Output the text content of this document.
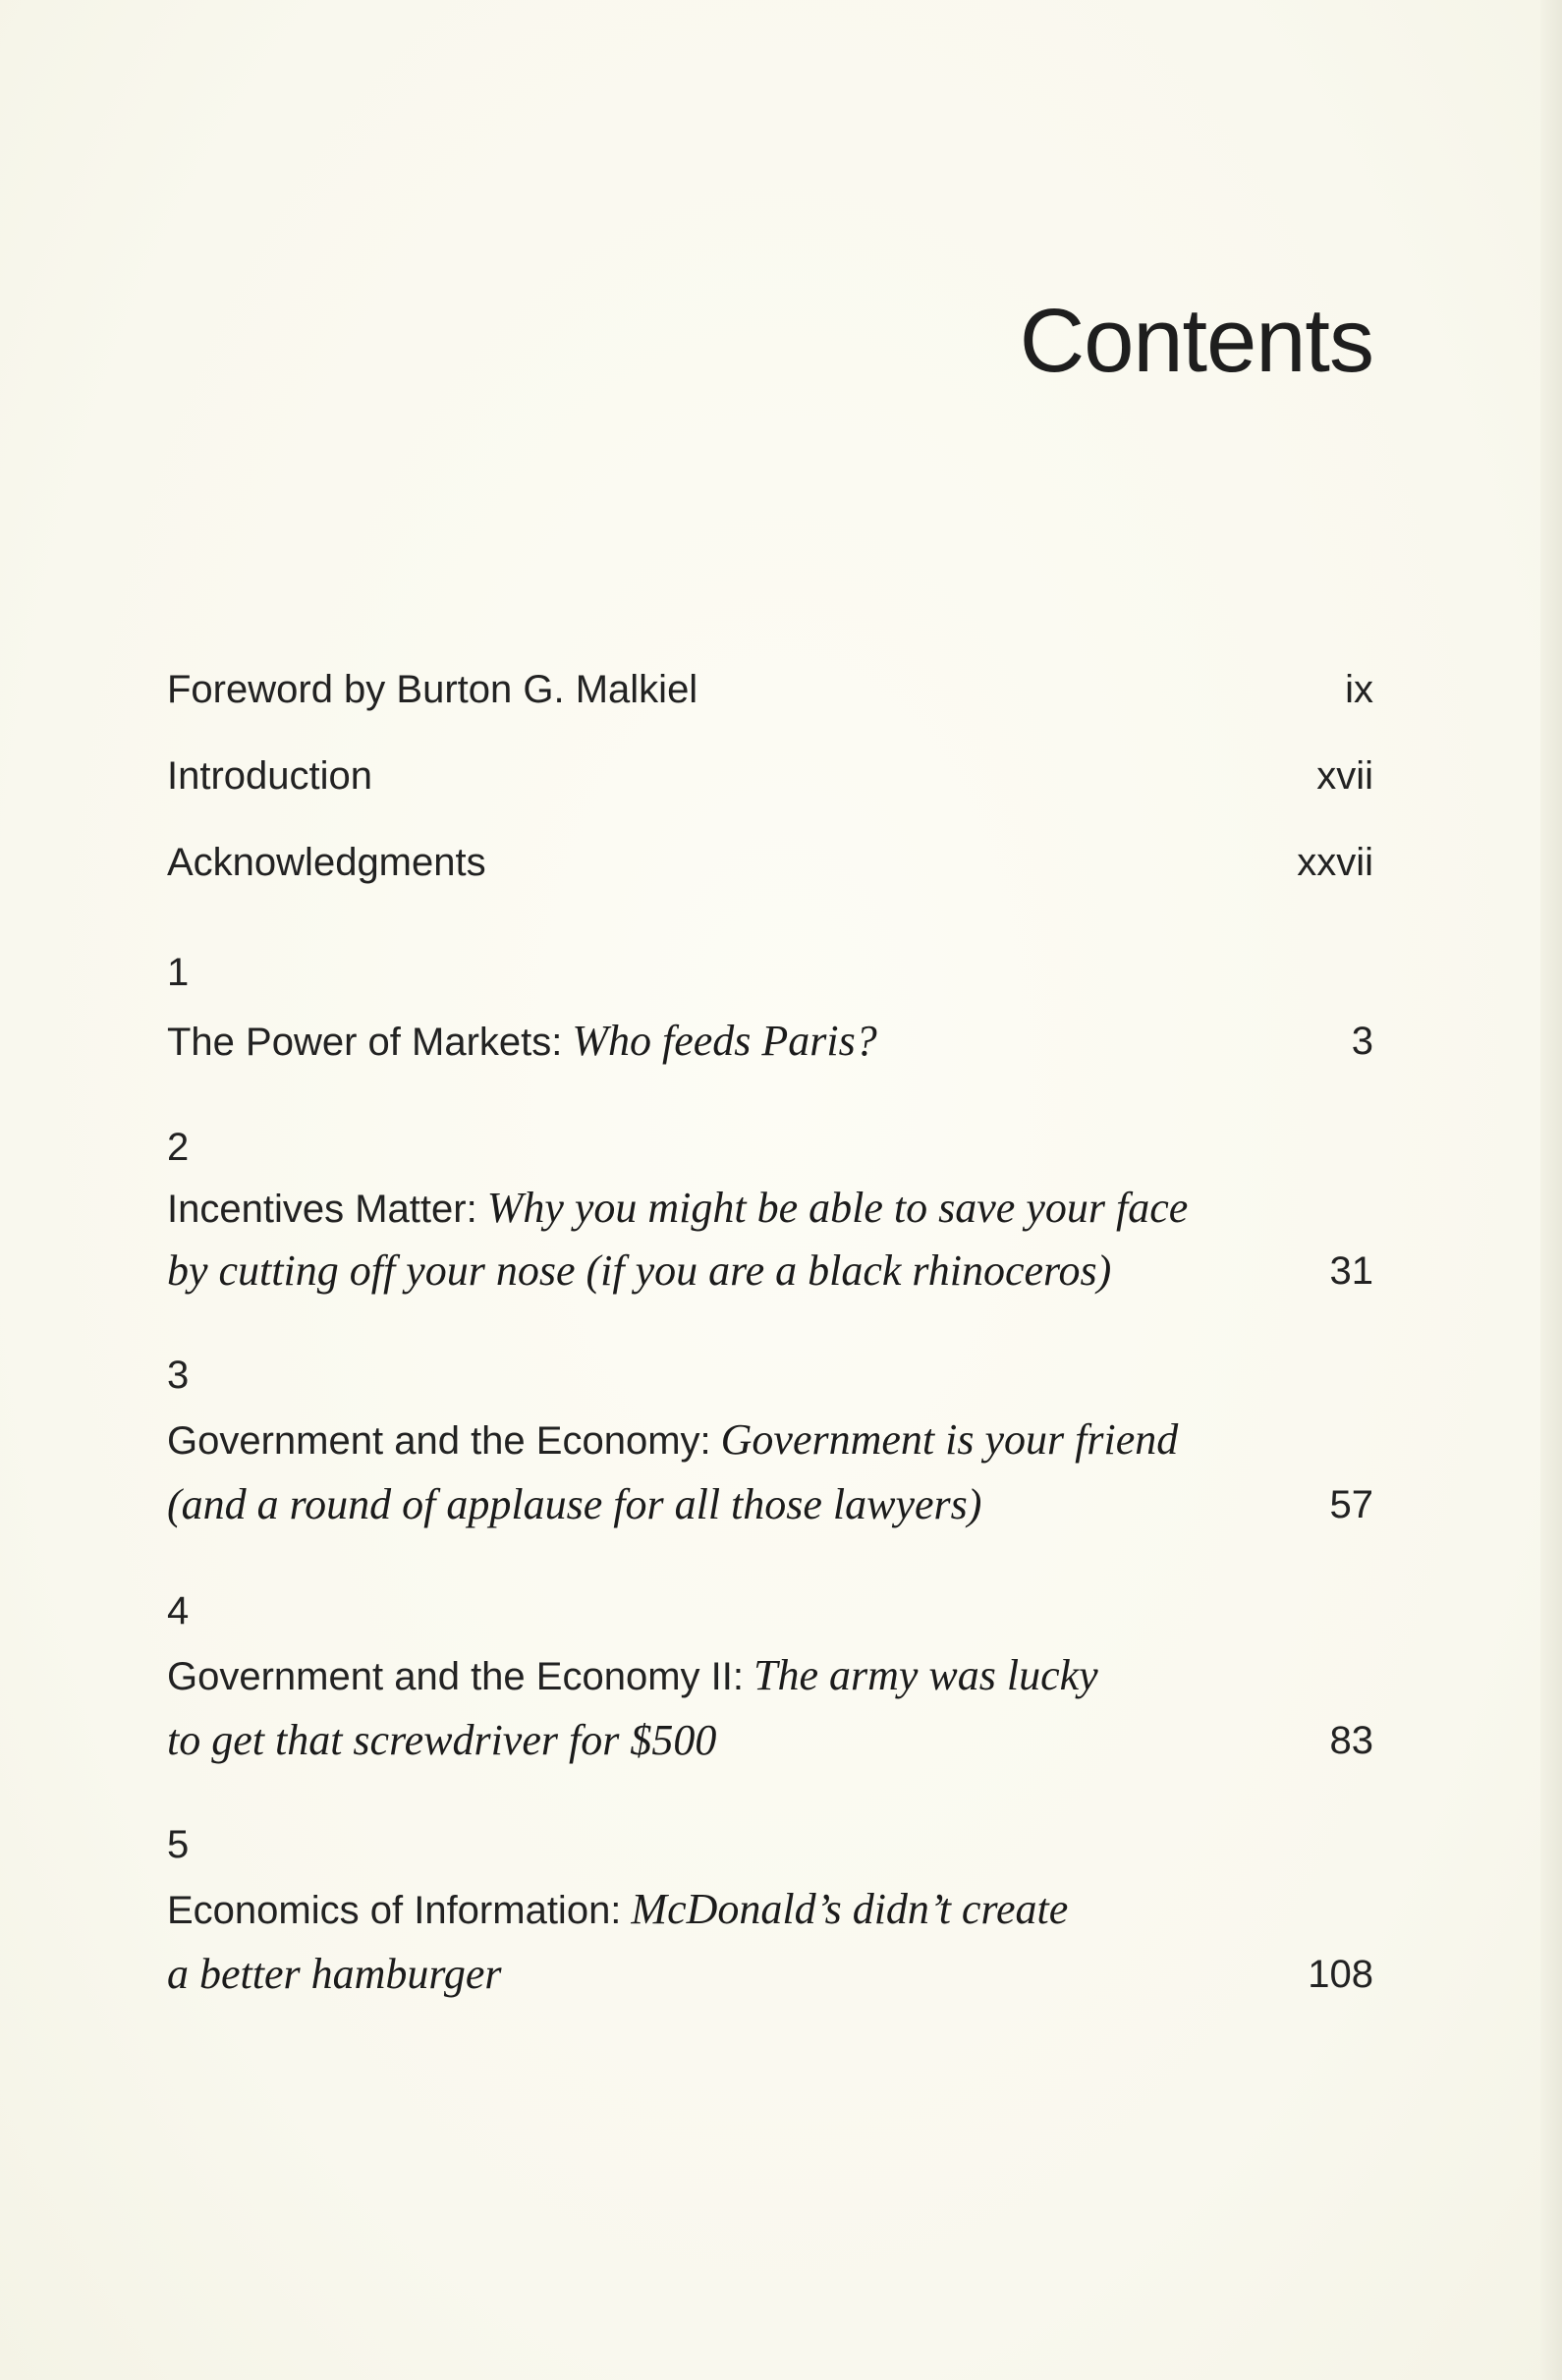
Contents
Foreword by Burton G. Malkiel	ix
Introduction	xvii
Acknowledgments	xxvii
1
The Power of Markets: Who feeds Paris?	3
2
Incentives Matter: Why you might be able to save your face
by cutting off your nose (if you are a black rhinoceros)	31
3
Government and the Economy: Government is your friend
(and a round of applause for all those lawyers)	57
4
Government and the Economy II: The army was lucky
to get that screwdriver for $500	83
5
Economics of Information: McDonald’s didn’t create
a better hamburger	108
